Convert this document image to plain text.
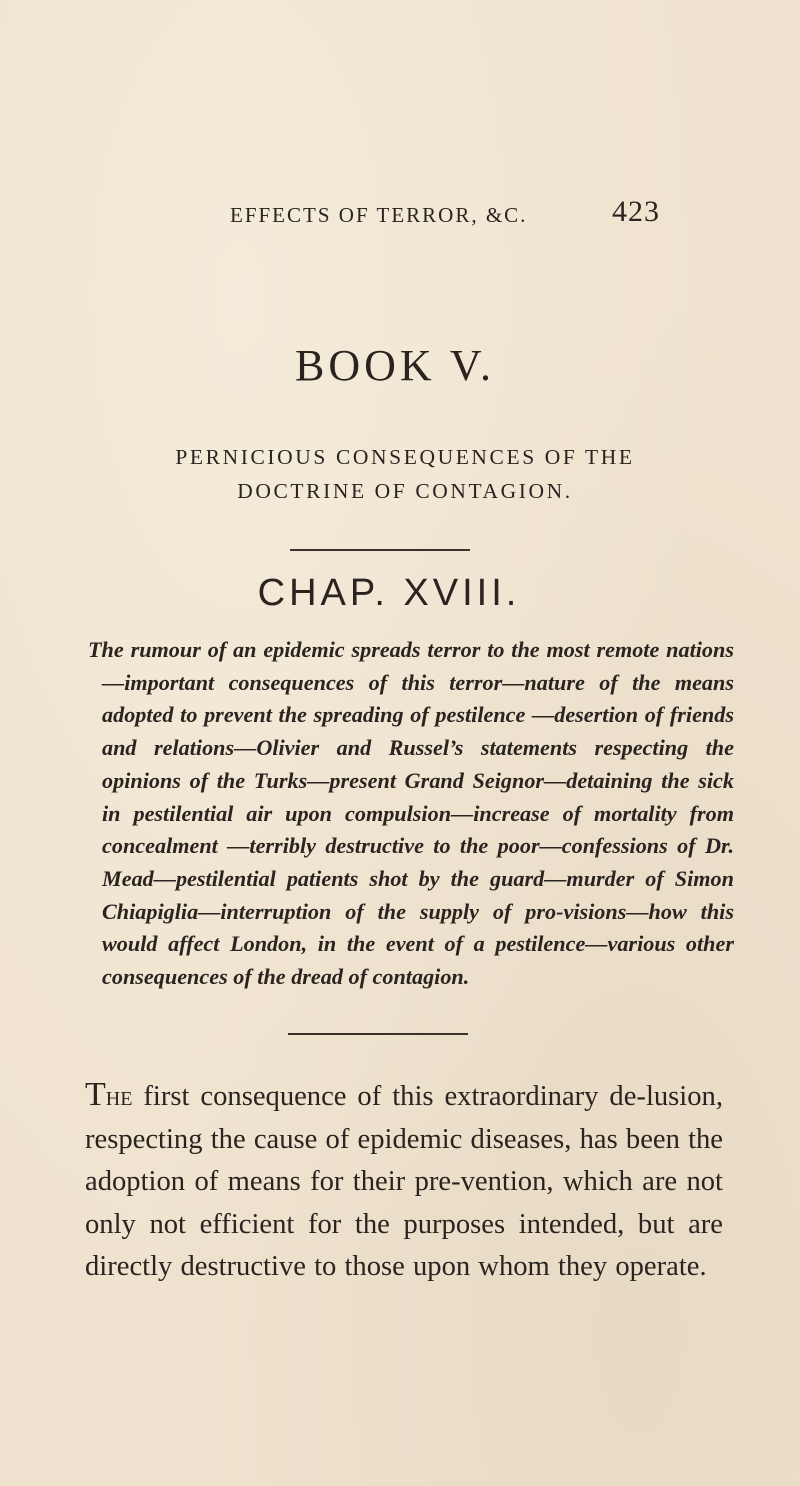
EFFECTS OF TERROR, &C.	423
BOOK V.
PERNICIOUS CONSEQUENCES OF THE DOCTRINE OF CONTAGION.
CHAP. XVIII.
The rumour of an epidemic spreads terror to the most remote nations—important consequences of this terror—nature of the means adopted to prevent the spreading of pestilence —desertion of friends and relations—Olivier and Russel’s statements respecting the opinions of the Turks—present Grand Seignor—detaining the sick in pestilential air upon compulsion—increase of mortality from concealment —terribly destructive to the poor—confessions of Dr. Mead—pestilential patients shot by the guard—murder of Simon Chiapiglia—interruption of the supply of pro-visions—how this would affect London, in the event of a pestilence—various other consequences of the dread of contagion.
The first consequence of this extraordinary de-lusion, respecting the cause of epidemic diseases, has been the adoption of means for their pre-vention, which are not only not efficient for the purposes intended, but are directly destructive to those upon whom they operate.
